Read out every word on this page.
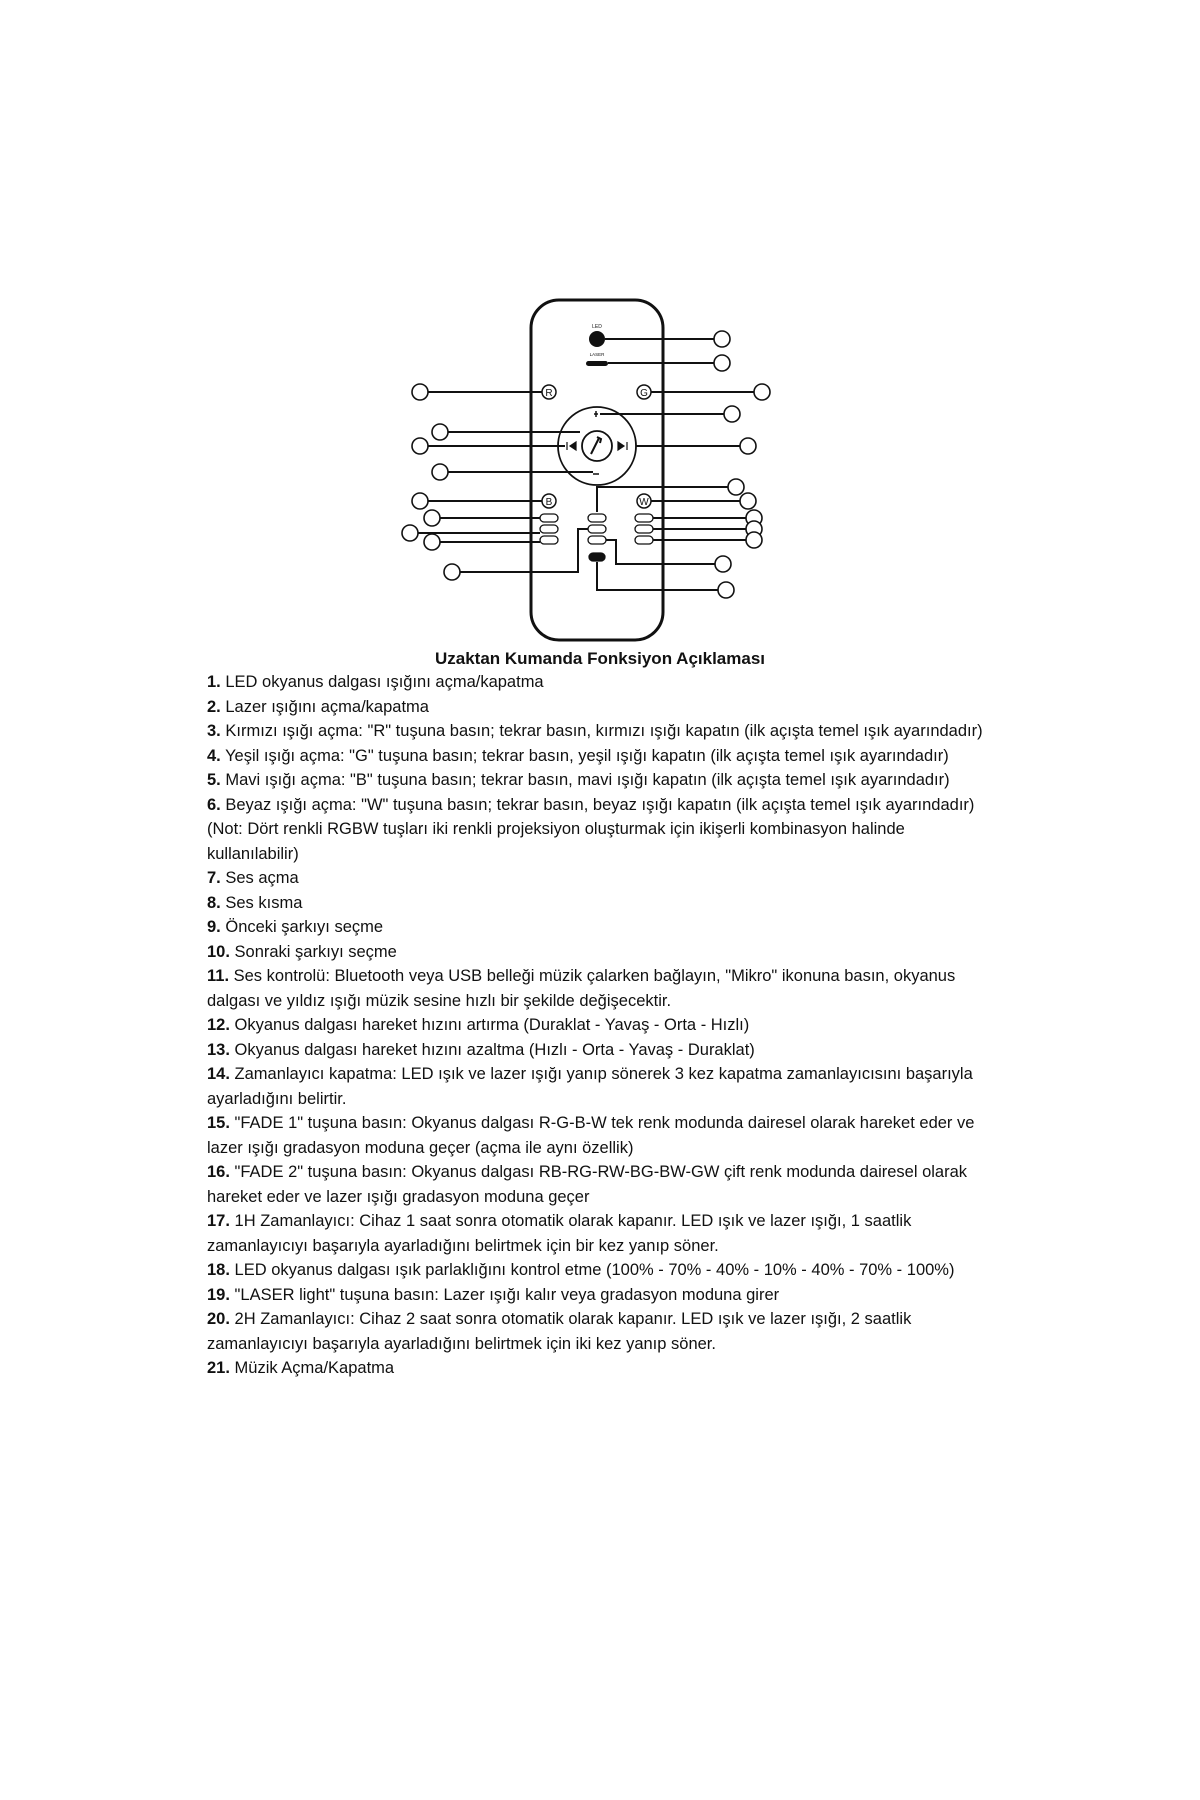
LED
LASER
R	G
B	W
Uzaktan Kumanda Fonksiyon Açıklaması

1. LED okyanus dalgası ışığını açma/kapatma

2. Lazer ışığını açma/kapatma

3. Kırmızı ışığı açma: "R" tuşuna basın; tekrar basın, kırmızı ışığı kapatın (ilk açışta temel ışık ayarındadır)

4. Yeşil ışığı açma: "G" tuşuna basın; tekrar basın, yeşil ışığı kapatın (ilk açışta temel ışık ayarındadır)

5. Mavi ışığı açma: "B" tuşuna basın; tekrar basın, mavi ışığı kapatın (ilk açışta temel ışık ayarındadır)

6. Beyaz ışığı açma: "W" tuşuna basın; tekrar basın, beyaz ışığı kapatın (ilk açışta temel ışık ayarındadır) (Not: Dört renkli RGBW tuşları iki renkli projeksiyon oluşturmak için ikişerli kombinasyon halinde kullanılabilir)

7. Ses açma

8. Ses kısma

9. Önceki şarkıyı seçme

10. Sonraki şarkıyı seçme

11. Ses kontrolü: Bluetooth veya USB belleği müzik çalarken bağlayın, "Mikro" ikonuna basın, okyanus dalgası ve yıldız ışığı müzik sesine hızlı bir şekilde değişecektir.

12. Okyanus dalgası hareket hızını artırma (Duraklat - Yavaş - Orta - Hızlı)

13. Okyanus dalgası hareket hızını azaltma (Hızlı - Orta - Yavaş - Duraklat)

14. Zamanlayıcı kapatma: LED ışık ve lazer ışığı yanıp sönerek 3 kez kapatma zamanlayıcısını başarıyla ayarladığını belirtir.

15. "FADE 1" tuşuna basın: Okyanus dalgası R-G-B-W tek renk modunda dairesel olarak hareket eder ve lazer ışığı gradasyon moduna geçer (açma ile aynı özellik)

16. "FADE 2" tuşuna basın: Okyanus dalgası RB-RG-RW-BG-BW-GW çift renk modunda dairesel olarak hareket eder ve lazer ışığı gradasyon moduna geçer

17. 1H Zamanlayıcı: Cihaz 1 saat sonra otomatik olarak kapanır. LED ışık ve lazer ışığı, 1 saatlik zamanlayıcıyı başarıyla ayarladığını belirtmek için bir kez yanıp söner.

18. LED okyanus dalgası ışık parlaklığını kontrol etme (100% - 70% - 40% - 10% - 40% - 70% - 100%)

19. "LASER light" tuşuna basın: Lazer ışığı kalır veya gradasyon moduna girer

20. 2H Zamanlayıcı: Cihaz 2 saat sonra otomatik olarak kapanır. LED ışık ve lazer ışığı, 2 saatlik zamanlayıcıyı başarıyla ayarladığını belirtmek için iki kez yanıp söner.

21. Müzik Açma/Kapatma
